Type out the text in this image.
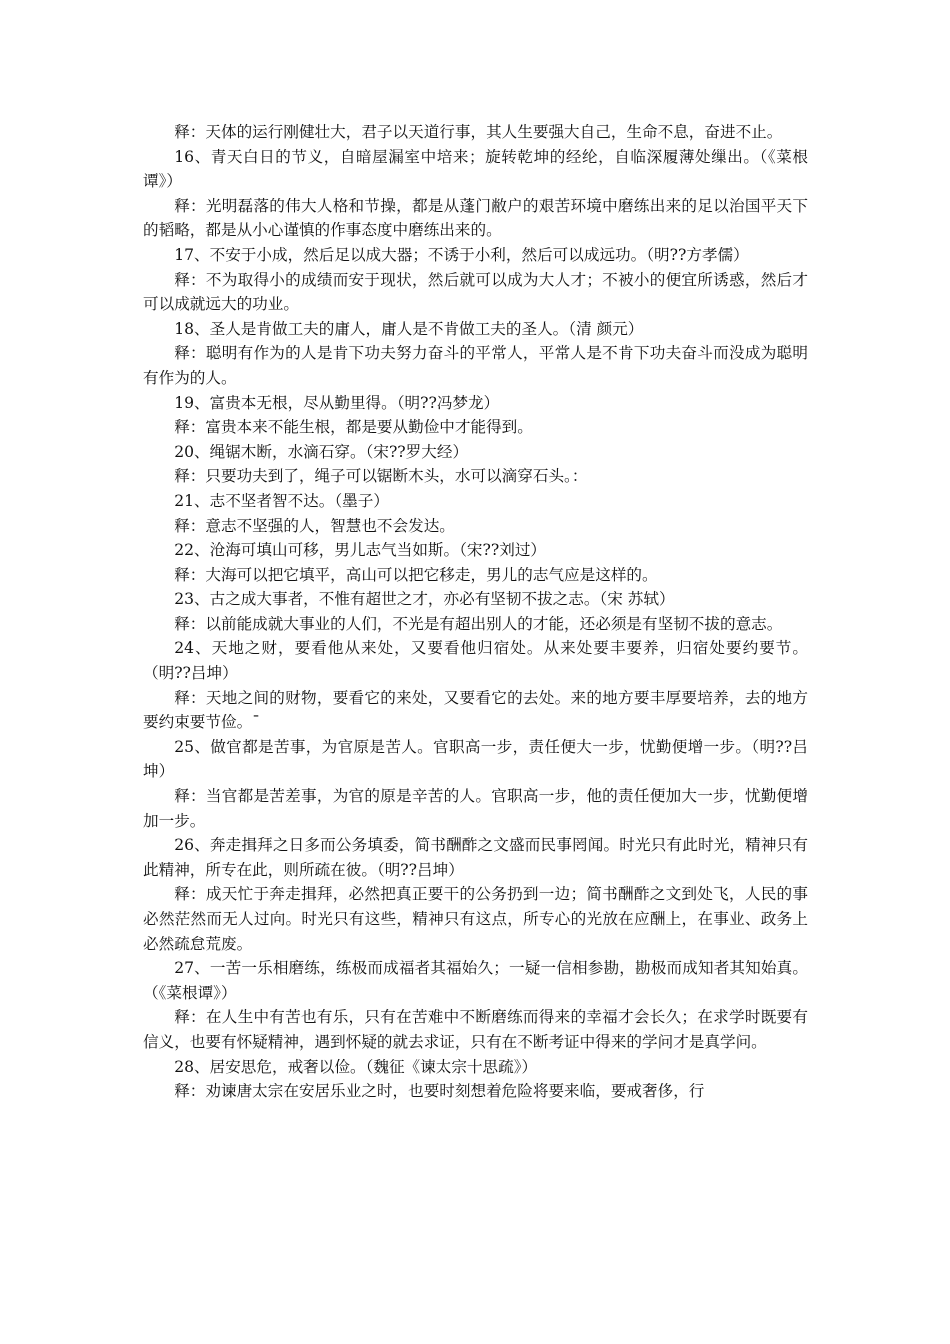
释：天体的运行刚健壮大，君子以天道行事，其人生要强大自己，生命不息，奋进不止。

16、青天白日的节义，自暗屋漏室中培来；旋转乾坤的经纶，自临深履薄处缫出。（《菜根谭》）

释：光明磊落的伟大人格和节操，都是从蓬门敝户的艰苦环境中磨练出来的足以治国平天下的韬略，都是从小心谨慎的作事态度中磨练出来的。

17、不安于小成，然后足以成大器；不诱于小利，然后可以成远功。（明??方孝儒）

释：不为取得小的成绩而安于现状，然后就可以成为大人才；不被小的便宜所诱惑，然后才可以成就远大的功业。

18、圣人是肯做工夫的庸人，庸人是不肯做工夫的圣人。（清 颜元）

释：聪明有作为的人是肯下功夫努力奋斗的平常人，平常人是不肯下功夫奋斗而没成为聪明有作为的人。

19、富贵本无根，尽从勤里得。（明??冯梦龙）

释：富贵本来不能生根，都是要从勤俭中才能得到。

20、绳锯木断，水滴石穿。（宋??罗大经）

释：只要功夫到了，绳子可以锯断木头，水可以滴穿石头。：

21、志不坚者智不达。（墨子）

释：意志不坚强的人，智慧也不会发达。

22、沧海可填山可移，男儿志气当如斯。（宋??刘过）

释：大海可以把它填平，高山可以把它移走，男儿的志气应是这样的。

23、古之成大事者，不惟有超世之才，亦必有坚韧不拔之志。（宋 苏轼）

释：以前能成就大事业的人们，不光是有超出别人的才能，还必须是有坚韧不拔的意志。

24、天地之财，要看他从来处，又要看他归宿处。从来处要丰要养，归宿处要约要节。（明??吕坤）

释：天地之间的财物，要看它的来处，又要看它的去处。来的地方要丰厚要培养，去的地方要约束要节俭。¯

25、做官都是苦事，为官原是苦人。官职高一步，责任便大一步，忧勤便增一步。（明??吕坤）

释：当官都是苦差事，为官的原是辛苦的人。官职高一步，他的责任便加大一步，忧勤便增加一步。

26、奔走揖拜之日多而公务填委，简书酬酢之文盛而民事罔闻。时光只有此时光，精神只有此精神，所专在此，则所疏在彼。（明??吕坤）

释：成天忙于奔走揖拜，必然把真正要干的公务扔到一边；简书酬酢之文到处飞，人民的事必然茫然而无人过向。时光只有这些，精神只有这点，所专心的光放在应酬上，在事业、政务上必然疏怠荒废。

27、一苦一乐相磨练，练极而成福者其福始久；一疑一信相参勘，勘极而成知者其知始真。（《菜根谭》）

释：在人生中有苦也有乐，只有在苦难中不断磨练而得来的幸福才会长久；在求学时既要有信义，也要有怀疑精神，遇到怀疑的就去求证，只有在不断考证中得来的学问才是真学问。

28、居安思危，戒奢以俭。（魏征《谏太宗十思疏》）

释：劝谏唐太宗在安居乐业之时，也要时刻想着危险将要来临，要戒奢侈，行
